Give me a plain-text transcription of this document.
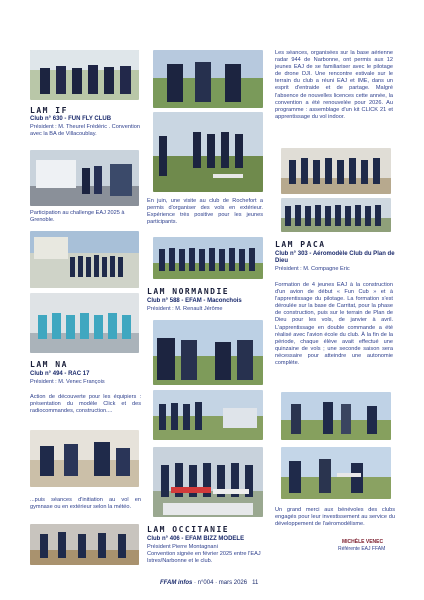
LAM IF

Club n° 630 - FUN FLY CLUB

Président : M. Theurel Frédéric . Convention avec la BA de Villacoublay.

Participation au challenge EAJ 2025 à Grenoble.

LAM NA

Club n° 494 - RAC 17

Président : M. Venec François

Action de découverte pour les équipiers : présentation du modèle Click et des radiocommandes, construction....

...puis séances d'initiation au vol en gymnase ou en extérieur selon la météo.

En juin, une visite au club de Rochefort a permis d'organiser des vols en extérieur. Expérience très positive pour les jeunes participants.

LAM NORMANDIE

Club n° 588 - EFAM - Maconchois

Président : M. Renault Jérôme

LAM OCCITANIE

Club n° 406 - EFAM BIZZ MODELE

Président Pierre Montagnani

Convention signée en février 2025 entre l'EAJ Istres/Narbonne et le club.

Les séances, organisées sur la base aérienne radar 944 de Narbonne, ont permis aux 12 jeunes EAJ de se familiariser avec le pilotage de drone DJI. Une rencontre estivale sur le terrain du club a réuni EAJ et IME, dans un esprit d'entraide et de partage. Malgré l'absence de nouvelles licences cette année, la convention a été renouvelée pour 2026. Au programme : assemblage d'un kit CLICK 21 et apprentissage du vol indoor.

LAM PACA

Club n° 303 - Aéromodèle Club du Plan de Dieu

Président : M. Compagne Eric

Formation de 4 jeunes EAJ à la construction d'un avion de début « Fun Cub » et à l'apprentissage du pilotage. La formation s'est déroulée sur la base de Carritat, pour la phase de construction, puis sur le terrain de Plan de Dieu pour les vols, de janvier à avril. L'apprentissage en double commande a été réalisé avec l'avion école du club. À la fin de la période, chaque élève avait effectué une quinzaine de vols ; une seconde saison sera nécessaire pour atteindre une autonomie complète.

Un grand merci aux bénévoles des clubs engagés pour leur investissement au service du développement de l'aéromodélisme.

MICHÈLE VENEC

Référente EAJ FFAM

FFAM infos · n°004 · mars 2026 11
